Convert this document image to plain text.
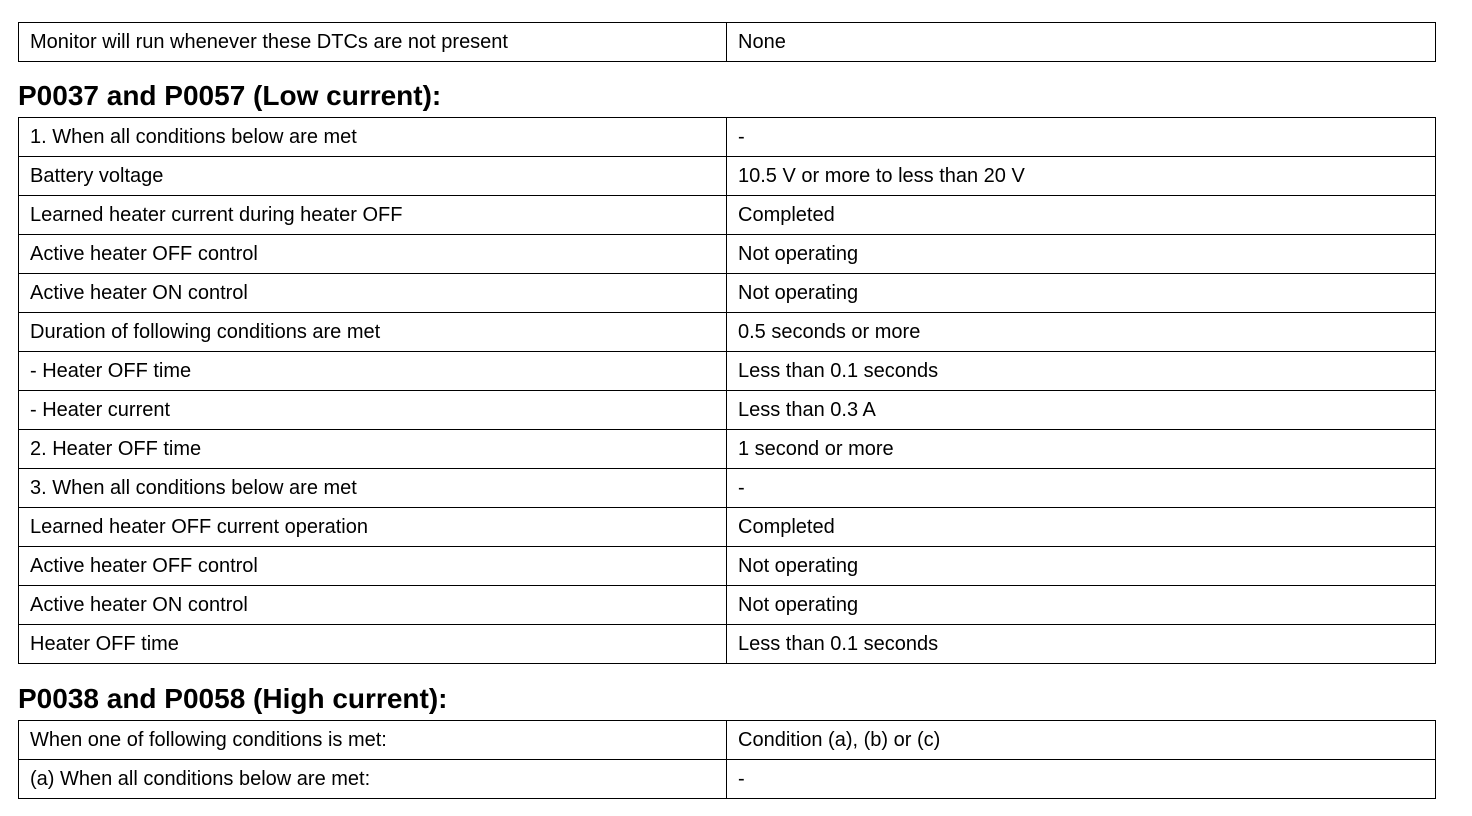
Monitor will run whenever these DTCs are not present	None
P0037 and P0057 (Low current):
1. When all conditions below are met	-
Battery voltage	10.5 V or more to less than 20 V
Learned heater current during heater OFF	Completed
Active heater OFF control	Not operating
Active heater ON control	Not operating
Duration of following conditions are met	0.5 seconds or more
- Heater OFF time	Less than 0.1 seconds
- Heater current	Less than 0.3 A
2. Heater OFF time	1 second or more
3. When all conditions below are met	-
Learned heater OFF current operation	Completed
Active heater OFF control	Not operating
Active heater ON control	Not operating
Heater OFF time	Less than 0.1 seconds
P0038 and P0058 (High current):
When one of following conditions is met:	Condition (a), (b) or (c)
(a) When all conditions below are met:	-
